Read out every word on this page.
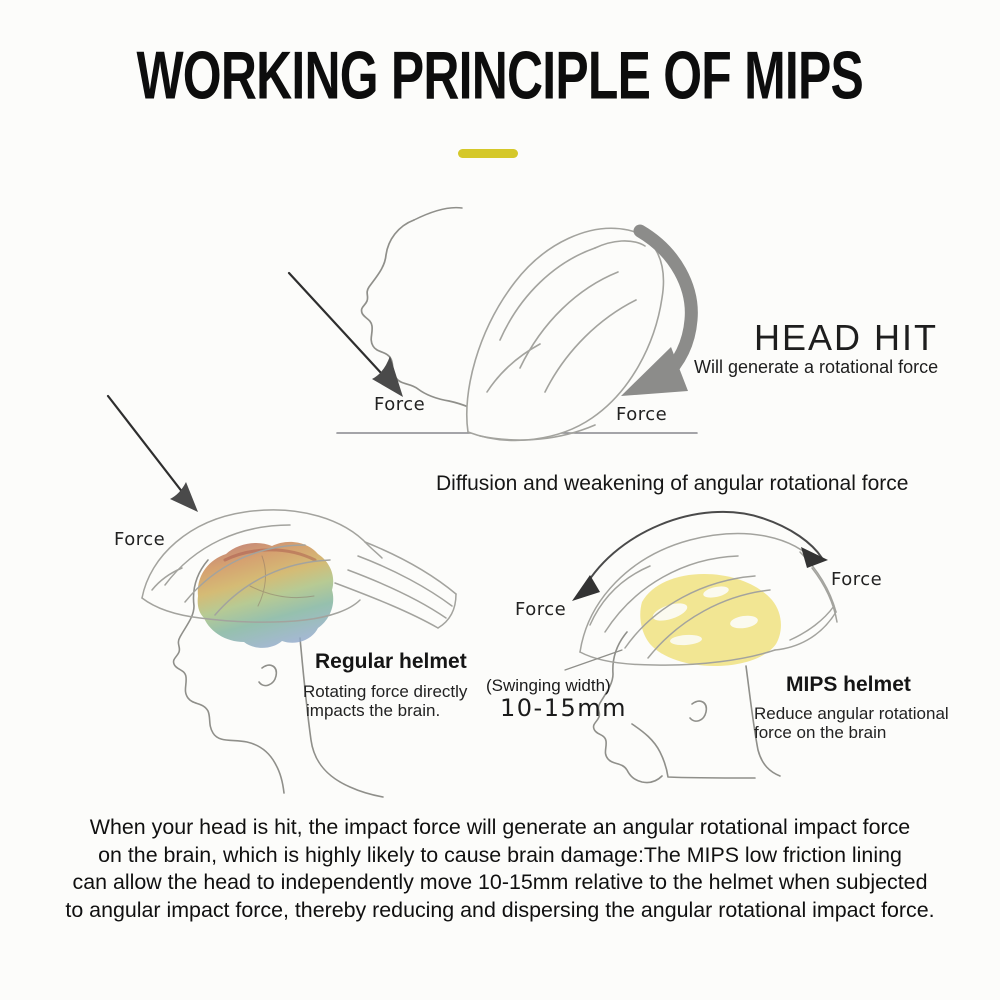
WORKING PRINCIPLE OF MIPS
Force	Force
HEAD HIT
Will generate a rotational force
Force
Regular helmet
Rotating force directly
impacts the brain.
Diffusion and weakening of angular rotational force
Force
Force
(Swinging width)
10-15mm
MIPS helmet
Reduce angular rotational
force on the brain
When your head is hit, the impact force will generate an angular rotational impact force
on the brain, which is highly likely to cause brain damage:The MIPS low friction lining
can allow the head to independently move 10-15mm relative to the helmet when subjected
to angular impact force, thereby reducing and dispersing the angular rotational impact force.
